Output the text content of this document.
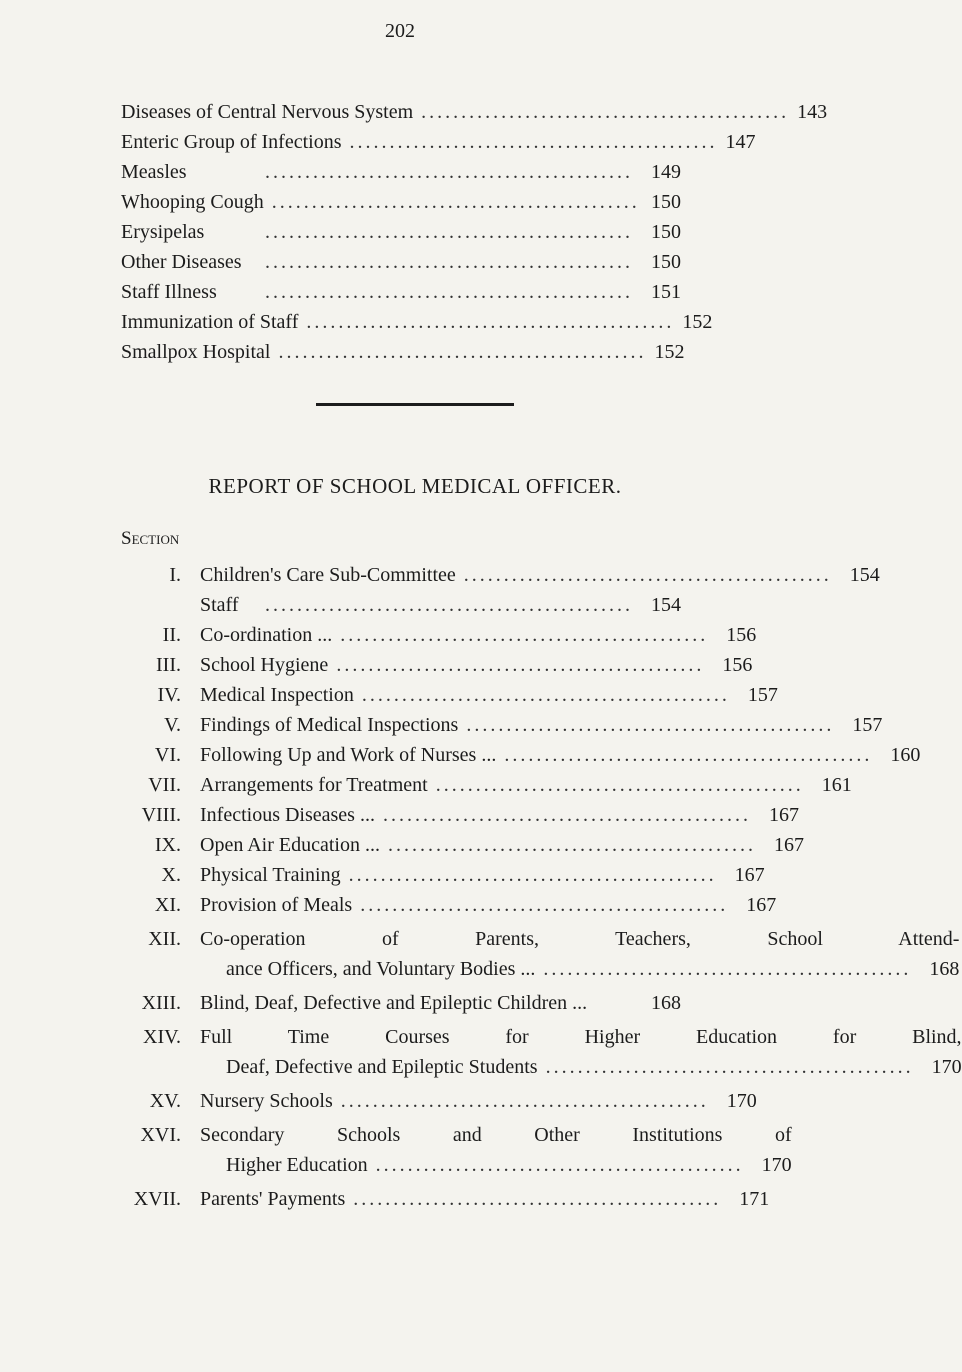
202
Diseases of Central Nervous System .............................................. 143
Enteric Group of Infections .............................................. 147
Measles	.............................................. 149
Whooping Cough .............................................. 150
Erysipelas	.............................................. 150
Other Diseases	.............................................. 150
Staff Illness	.............................................. 151
Immunization of Staff .............................................. 152
Smallpox Hospital .............................................. 152
REPORT OF SCHOOL MEDICAL OFFICER.
Section
I. Children's Care Sub-Committee .............................................. 154
Staff	.............................................. 154
II. Co-ordination ... .............................................. 156
III. School Hygiene .............................................. 156
IV. Medical Inspection .............................................. 157
V. Findings of Medical Inspections .............................................. 157
VI. Following Up and Work of Nurses ... .............................................. 160
VII. Arrangements for Treatment .............................................. 161
VIII. Infectious Diseases ... .............................................. 167
IX. Open Air Education ... .............................................. 167
X. Physical Training .............................................. 167
XI. Provision of Meals .............................................. 167
XII. Co-operation of Parents, Teachers, School Attend-
ance Officers, and Voluntary Bodies ... .............................................. 168
XIII. Blind, Deaf, Defective and Epileptic Children ...	168
XIV. Full Time Courses for Higher Education for Blind,
Deaf, Defective and Epileptic Students .............................................. 170
XV. Nursery Schools .............................................. 170
XVI. Secondary Schools and Other Institutions of
Higher Education .............................................. 170
XVII. Parents' Payments .............................................. 171
